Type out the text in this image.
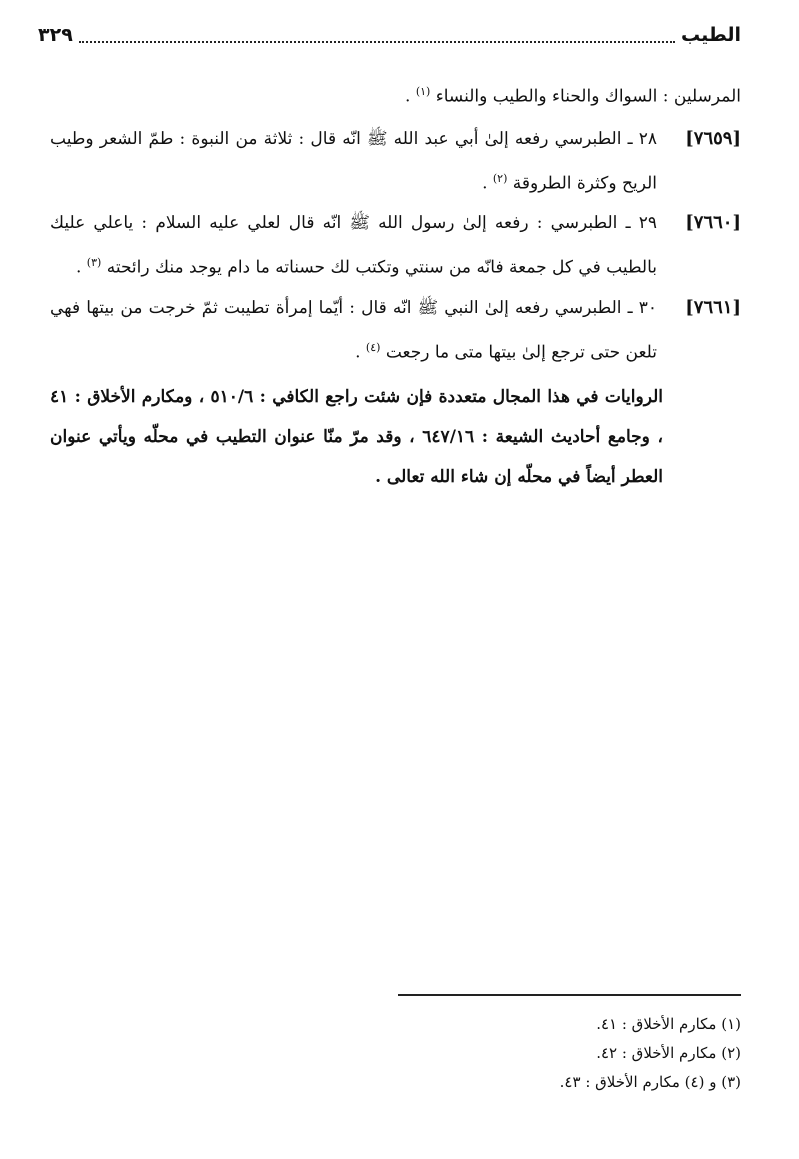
٣٢٩	الطيب

المرسلين : السواك والحناء والطيب والنساء $^{(١)}$ .

[٧٦٥٩]
٢٨ ـ الطبرسي رفعه إلىٰ أبي عبد الله ﷺ انّه قال : ثلاثة من النبوة : طمّ الشعر وطيب الريح وكثرة الطروقة $^{(٢)}$ .
[٧٦٦٠]
٢٩ ـ الطبرسي : رفعه إلىٰ رسول الله ﷺ انّه قال لعلي عليه السلام : ياعلي عليك بالطيب في كل جمعة فانّه من سنتي وتكتب لك حسناته ما دام يوجد منك رائحته $^{(٣)}$ .
[٧٦٦١]
٣٠ ـ الطبرسي رفعه إلىٰ النبي ﷺ انّه قال : أيّما إمرأة تطيبت ثمّ خرجت من بيتها فهي تلعن حتى ترجع إلىٰ بيتها متى ما رجعت $^{(٤)}$ .

الروايات في هذا المجال متعددة فإن شئت راجع الكافي : ٥١٠/٦ ، ومكارم الأخلاق : ٤١ ، وجامع أحاديث الشيعة : ٦٤٧/١٦ ، وقد مرّ منّا عنوان التطيب في محلّه ويأتي عنوان العطر أيضاً في محلّه إن شاء الله تعالى .

(١) مكارم الأخلاق : ٤١.
(٢) مكارم الأخلاق : ٤٢.
(٣) و (٤) مكارم الأخلاق : ٤٣.
